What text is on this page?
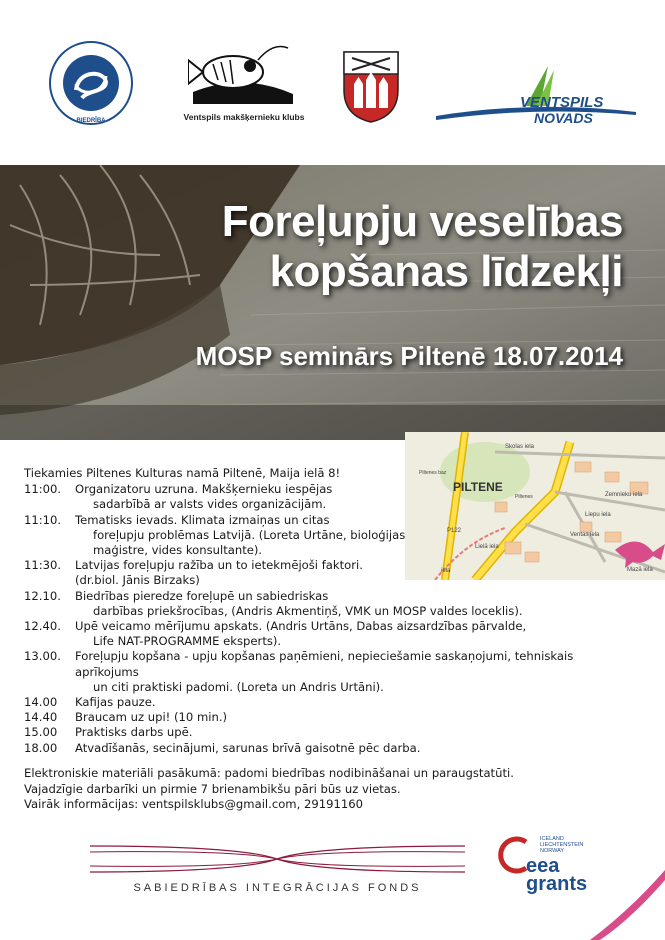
BIEDRĪBA	Ventspils makšķernieku klubs
VENTSPILS
NOVADS
Foreļupju veselības
kopšanas līdzekļi
MOSP seminārs Piltenē 18.07.2014
PILTENE
Skolas iela
Zemnieku iela
Liepu iela
Ventas iela
Lielā iela
Mazā iela
P122
iela
Piltenes baz
Piltenes
Tiekamies Piltenes Kulturas namā Piltenē, Maija ielā 8!
11:00.	Organizatoru uzruna. Makšķernieku iespējas
sadarbībā ar valsts vides organizācijām.
11:10.	Tematisks ievads. Klimata izmaiņas un citas
foreļupju problēmas Latvijā. (Loreta Urtāne, bioloģijas
maģistre, vides konsultante).
11:30.	Latvijas foreļupju ražība un to ietekmējoši faktori.
(dr.biol. Jānis Birzaks)
12.10.	Biedrības pieredze foreļupē un sabiedriskas
darbības priekšrocības, (Andris Akmentiņš, VMK un MOSP valdes loceklis).
12.40.	Upē veicamo mērījumu apskats. (Andris Urtāns, Dabas aizsardzības pārvalde,
Life NAT-PROGRAMME eksperts).
13.00.	Foreļupju kopšana - upju kopšanas paņēmieni, nepieciešamie saskaņojumi, tehniskais aprīkojums
un citi praktiski padomi. (Loreta un Andris Urtāni).
14.00	Kafijas pauze.
14.40	Braucam uz upi! (10 min.)
15.00	Praktisks darbs upē.
18.00	Atvadīšanās, secinājumi, sarunas brīvā gaisotnē pēc darba.
Elektroniskie materiāli pasākumā: padomi biedrības nodibināšanai un paraugstatūti.
Vajadzīgie darbarīki un pirmie 7 brienambikšu pāri būs uz vietas.
Vairāk informācijas: ventspilsklubs@gmail.com, 29191160
SABIEDRĪBAS INTEGRĀCIJAS FONDS
ICELAND
LIECHTENSTEIN
NORWAY
eea
grants
